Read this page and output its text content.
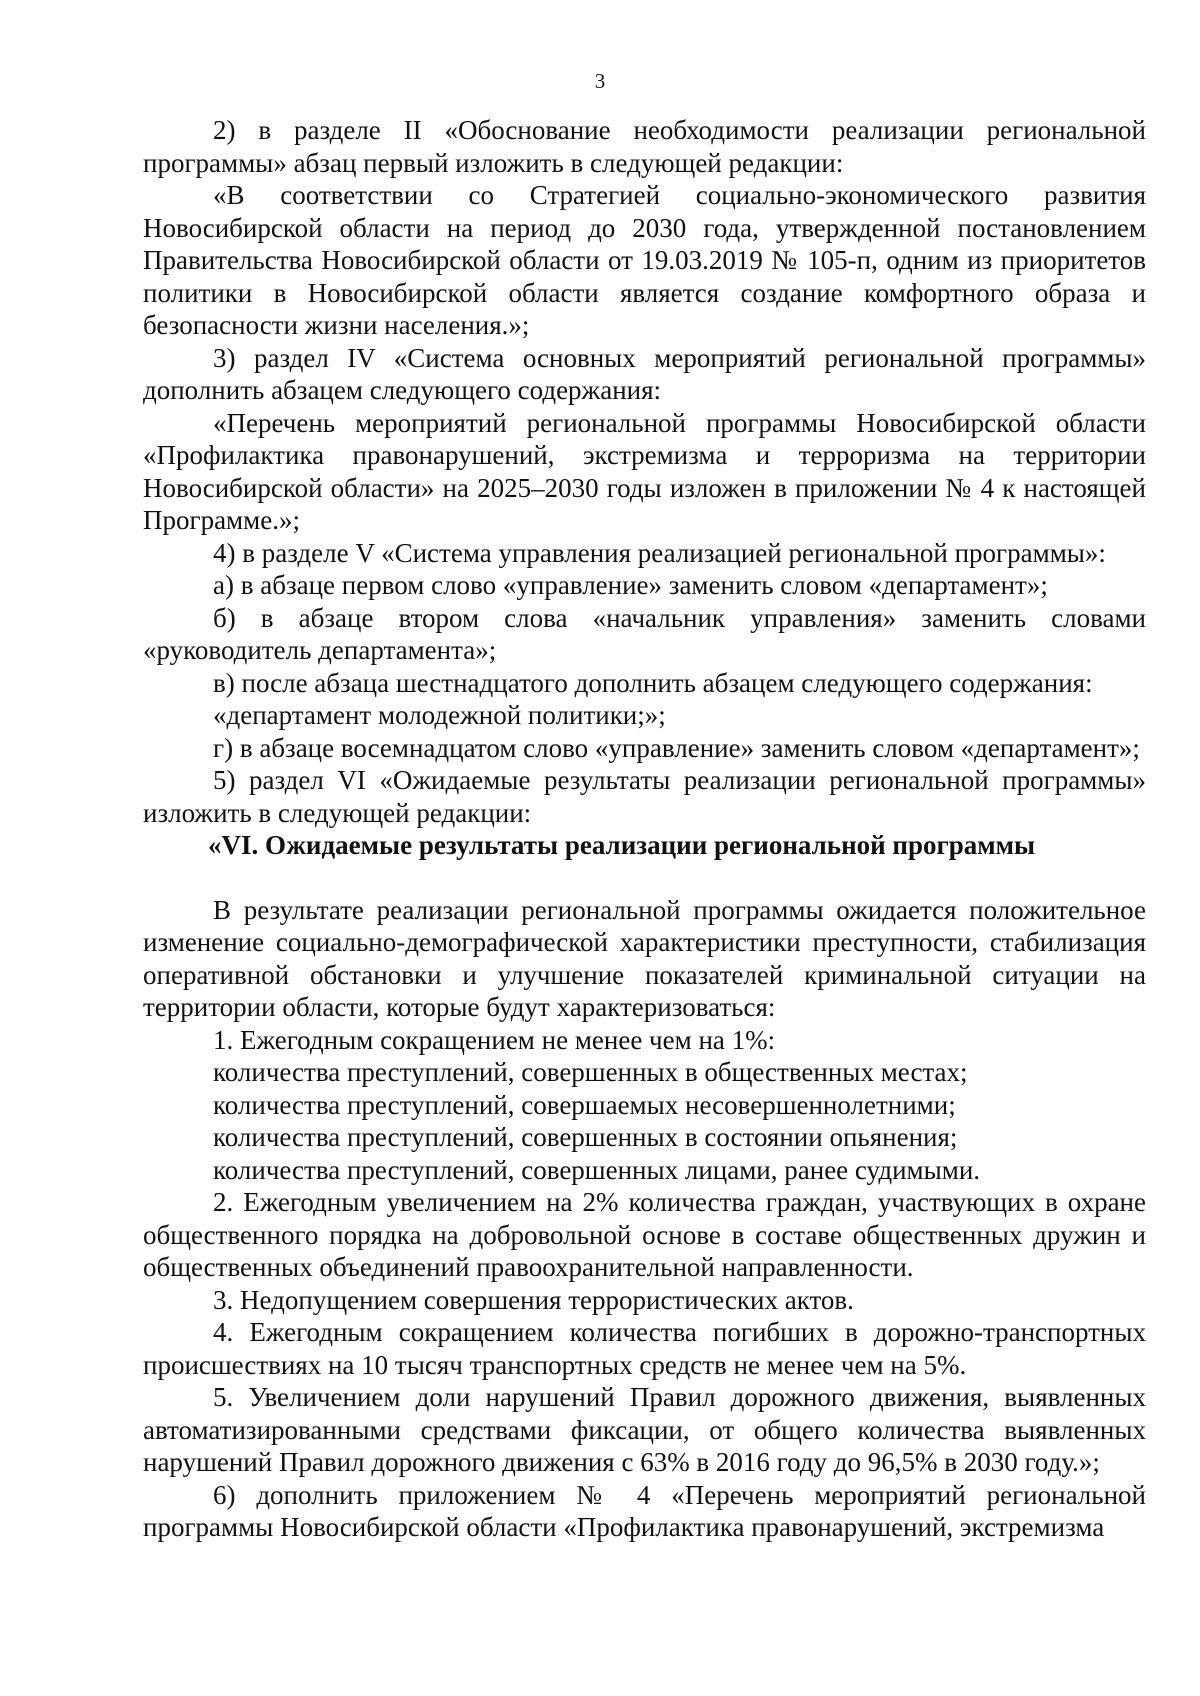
3

2) в разделе II «Обоснование необходимости реализации региональной программы» абзац первый изложить в следующей редакции:

«В соответствии со Стратегией социально-экономического развития Новосибирской области на период до 2030 года, утвержденной постановлением Правительства Новосибирской области от 19.03.2019 № 105-п, одним из приоритетов политики в Новосибирской области является создание комфортного образа и безопасности жизни населения.»;

3) раздел IV «Система основных мероприятий региональной программы» дополнить абзацем следующего содержания:

«Перечень мероприятий региональной программы Новосибирской области «Профилактика правонарушений, экстремизма и терроризма на территории Новосибирской области» на 2025–2030 годы изложен в приложении № 4 к настоящей Программе.»;

4) в разделе V «Система управления реализацией региональной программы»:

а) в абзаце первом слово «управление» заменить словом «департамент»;

б) в абзаце втором слова «начальник управления» заменить словами «руководитель департамента»;

в) после абзаца шестнадцатого дополнить абзацем следующего содержания:

«департамент молодежной политики;»;

г) в абзаце восемнадцатом слово «управление» заменить словом «департамент»;

5) раздел VI «Ожидаемые результаты реализации региональной программы» изложить в следующей редакции:

«VI. Ожидаемые результаты реализации региональной программы

В результате реализации региональной программы ожидается положительное изменение социально-демографической характеристики преступности, стабилизация оперативной обстановки и улучшение показателей криминальной ситуации на территории области, которые будут характеризоваться:

1. Ежегодным сокращением не менее чем на 1%:

количества преступлений, совершенных в общественных местах;

количества преступлений, совершаемых несовершеннолетними;

количества преступлений, совершенных в состоянии опьянения;

количества преступлений, совершенных лицами, ранее судимыми.

2. Ежегодным увеличением на 2% количества граждан, участвующих в охране общественного порядка на добровольной основе в составе общественных дружин и общественных объединений правоохранительной направленности.

3. Недопущением совершения террористических актов.

4. Ежегодным сокращением количества погибших в дорожно-транспортных происшествиях на 10 тысяч транспортных средств не менее чем на 5%.

5. Увеличением доли нарушений Правил дорожного движения, выявленных автоматизированными средствами фиксации, от общего количества выявленных нарушений Правил дорожного движения с 63% в 2016 году до 96,5% в 2030 году.»;

6) дополнить приложением № 4 «Перечень мероприятий региональной программы Новосибирской области «Профилактика правонарушений, экстремизма
